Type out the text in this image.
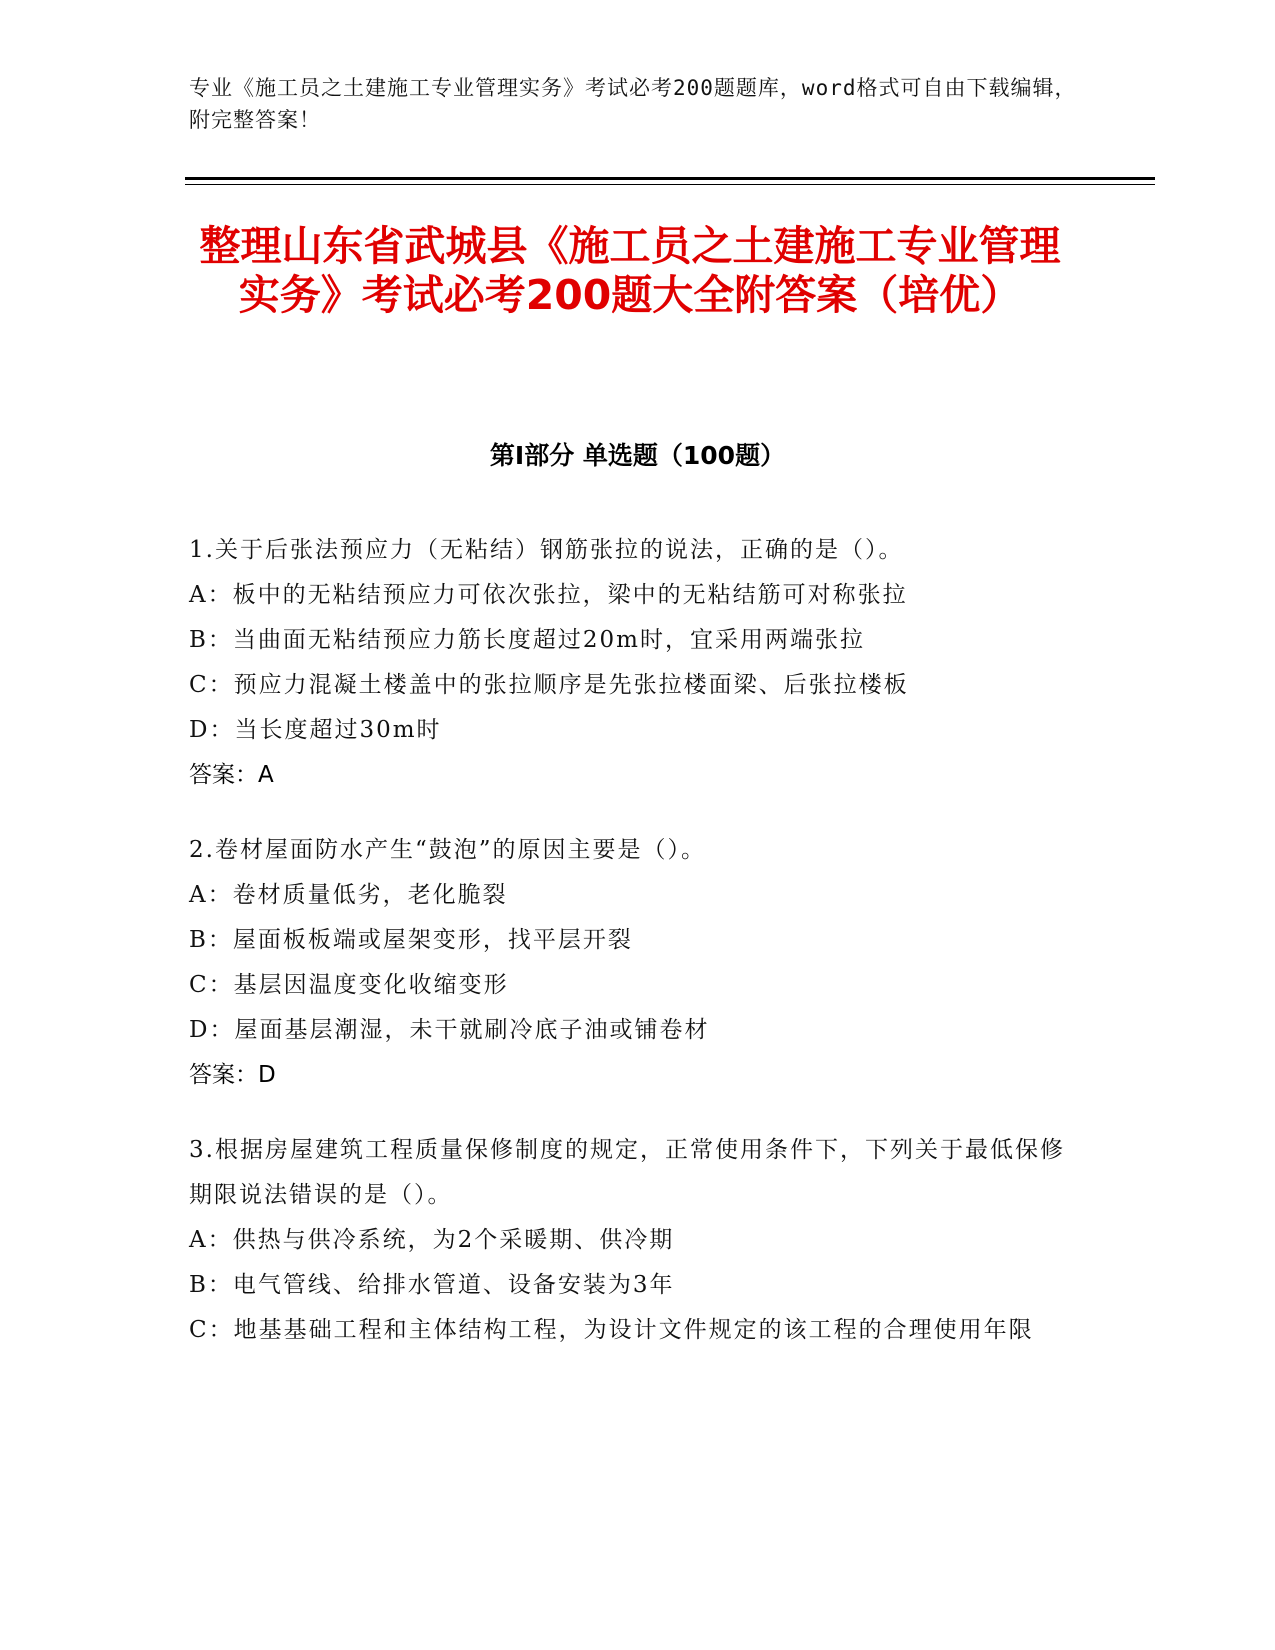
专业《施工员之土建施工专业管理实务》考试必考200题题库，word格式可自由下载编辑，附完整答案！
整理山东省武城县《施工员之土建施工专业管理实务》考试必考200题大全附答案（培优）
第I部分 单选题（100题）
1.关于后张法预应力（无粘结）钢筋张拉的说法，正确的是（）。
A：板中的无粘结预应力可依次张拉，梁中的无粘结筋可对称张拉
B：当曲面无粘结预应力筋长度超过20m时，宜采用两端张拉
C：预应力混凝土楼盖中的张拉顺序是先张拉楼面梁、后张拉楼板
D：当长度超过30m时
答案：A
2.卷材屋面防水产生“鼓泡”的原因主要是（）。
A：卷材质量低劣，老化脆裂
B：屋面板板端或屋架变形，找平层开裂
C：基层因温度变化收缩变形
D：屋面基层潮湿，未干就刷冷底子油或铺卷材
答案：D
3.根据房屋建筑工程质量保修制度的规定，正常使用条件下，下列关于最低保修期限说法错误的是（）。
A：供热与供冷系统，为2个采暖期、供冷期
B：电气管线、给排水管道、设备安装为3年
C：地基基础工程和主体结构工程，为设计文件规定的该工程的合理使用年限
